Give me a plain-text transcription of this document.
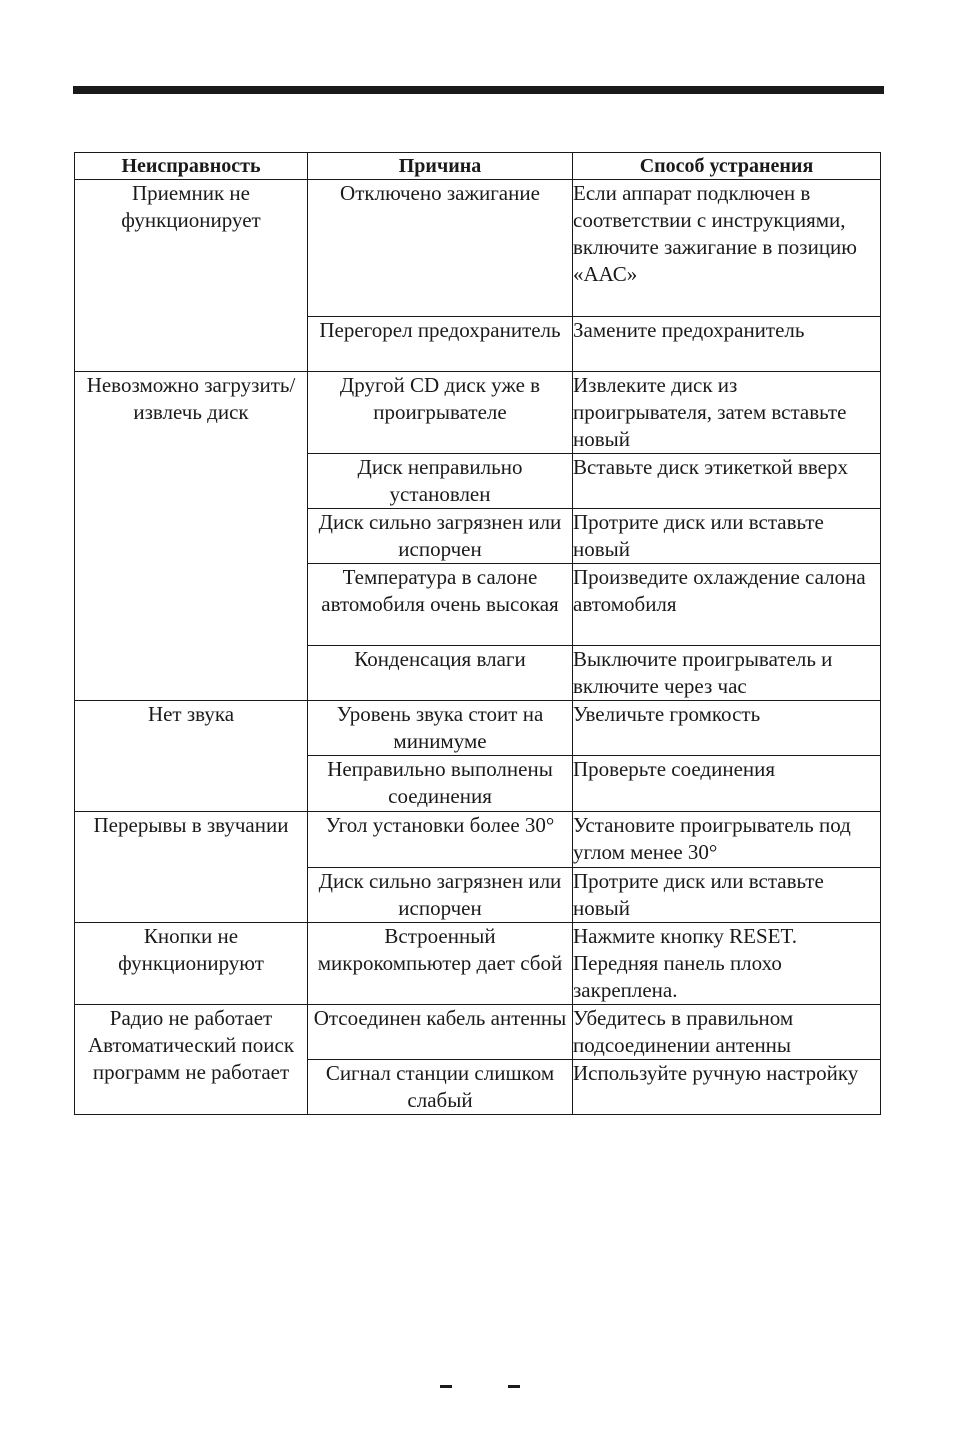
Неисправность	Причина	Способ устранения
Приемник не функционирует	Отключено зажигание	Если аппарат подключен в соответствии с инструкциями, включите зажигание в позицию «ААС»
	Перегорел предохранитель	Замените предохранитель
Невозможно загрузить/извлечь диск	Другой CD диск уже в проигрывателе	Извлеките диск из проигрывателя, затем вставьте новый
	Диск неправильно установлен	Вставьте диск этикеткой вверх
	Диск сильно загрязнен или испорчен	Протрите диск или вставьте новый
	Температура в салоне автомобиля очень высокая	Произведите охлаждение салона автомобиля
	Конденсация влаги	Выключите проигрыватель и включите через час
Нет звука	Уровень звука стоит на минимуме	Увеличьте громкость
	Неправильно выполнены соединения	Проверьте соединения
Перерывы в звучании	Угол установки более 30°	Установите проигрыватель под углом менее 30°
	Диск сильно загрязнен или испорчен	Протрите диск или вставьте новый
Кнопки не функционируют	Встроенный микрокомпьютер дает сбой	Нажмите кнопку RESET. Передняя панель плохо закреплена.
Радио не работает Автоматический поиск программ не работает	Отсоединен кабель антенны	Убедитесь в правильном подсоединении антенны
	Сигнал станции слишком слабый	Используйте ручную настройку
